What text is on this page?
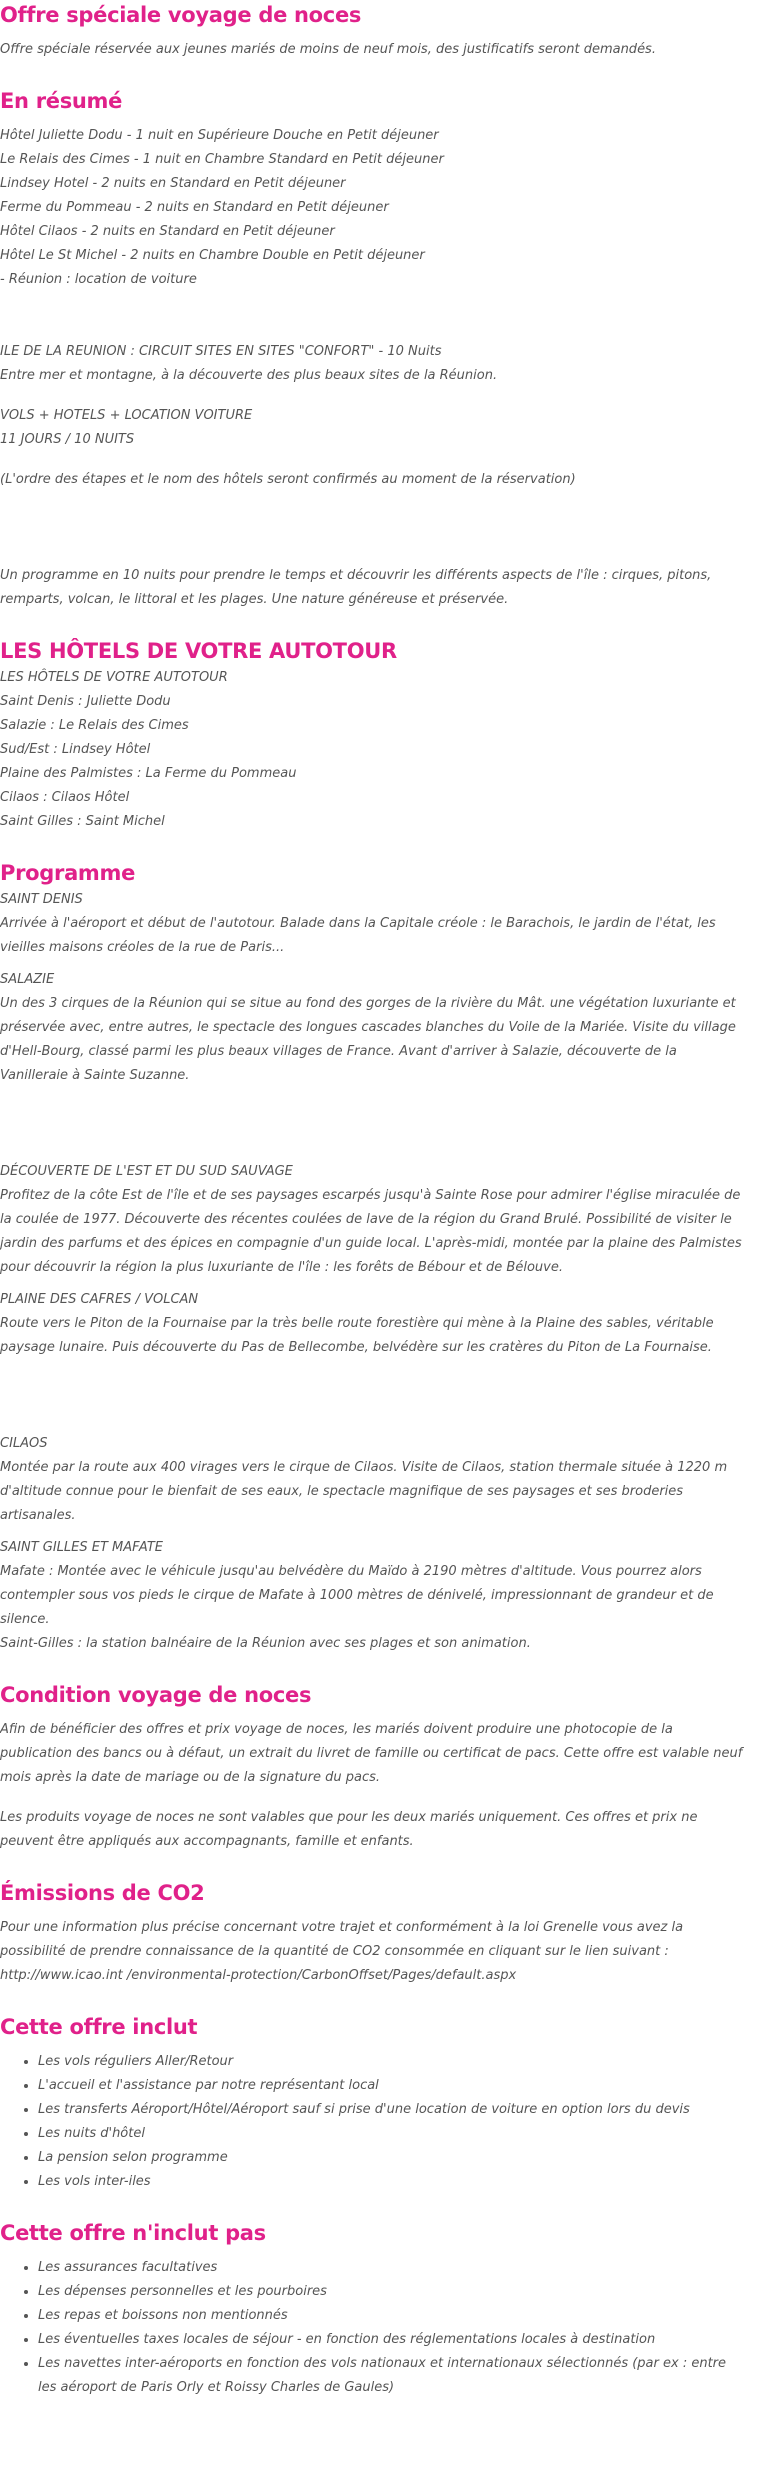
Offre spéciale voyage de noces

Offre spéciale réservée aux jeunes mariés de moins de neuf mois, des justificatifs seront demandés.

En résumé

Hôtel Juliette Dodu - 1 nuit en Supérieure Douche en Petit déjeuner
Le Relais des Cimes - 1 nuit en Chambre Standard en Petit déjeuner
Lindsey Hotel - 2 nuits en Standard en Petit déjeuner
Ferme du Pommeau - 2 nuits en Standard en Petit déjeuner
Hôtel Cilaos - 2 nuits en Standard en Petit déjeuner
Hôtel Le St Michel - 2 nuits en Chambre Double en Petit déjeuner
- Réunion : location de voiture

ILE DE LA REUNION : CIRCUIT SITES EN SITES "CONFORT" - 10 Nuits
Entre mer et montagne, à la découverte des plus beaux sites de la Réunion.

VOLS + HOTELS + LOCATION VOITURE
11 JOURS / 10 NUITS

(L'ordre des étapes et le nom des hôtels seront confirmés au moment de la réservation)

Un programme en 10 nuits pour prendre le temps et découvrir les différents aspects de l'île : cirques, pitons, remparts, volcan, le littoral et les plages. Une nature généreuse et préservée.

LES HÔTELS DE VOTRE AUTOTOUR

LES HÔTELS DE VOTRE AUTOTOUR
Saint Denis : Juliette Dodu
Salazie : Le Relais des Cimes
Sud/Est : Lindsey Hôtel
Plaine des Palmistes : La Ferme du Pommeau
Cilaos : Cilaos Hôtel
Saint Gilles : Saint Michel

Programme

SAINT DENIS
Arrivée à l'aéroport et début de l'autotour. Balade dans la Capitale créole : le Barachois, le jardin de l'état, les vieilles maisons créoles de la rue de Paris...

SALAZIE
Un des 3 cirques de la Réunion qui se situe au fond des gorges de la rivière du Mât. une végétation luxuriante et préservée avec, entre autres, le spectacle des longues cascades blanches du Voile de la Mariée. Visite du village d'Hell-Bourg, classé parmi les plus beaux villages de France. Avant d'arriver à Salazie, découverte de la Vanilleraie à Sainte Suzanne.

DÉCOUVERTE DE L'EST ET DU SUD SAUVAGE
Profitez de la côte Est de l'île et de ses paysages escarpés jusqu'à Sainte Rose pour admirer l'église miraculée de la coulée de 1977. Découverte des récentes coulées de lave de la région du Grand Brulé. Possibilité de visiter le jardin des parfums et des épices en compagnie d'un guide local. L'après-midi, montée par la plaine des Palmistes pour découvrir la région la plus luxuriante de l'île : les forêts de Bébour et de Bélouve.

PLAINE DES CAFRES / VOLCAN
Route vers le Piton de la Fournaise par la très belle route forestière qui mène à la Plaine des sables, véritable paysage lunaire. Puis découverte du Pas de Bellecombe, belvédère sur les cratères du Piton de La Fournaise.

CILAOS
Montée par la route aux 400 virages vers le cirque de Cilaos. Visite de Cilaos, station thermale située à 1220 m d'altitude connue pour le bienfait de ses eaux, le spectacle magnifique de ses paysages et ses broderies artisanales.

SAINT GILLES ET MAFATE
Mafate : Montée avec le véhicule jusqu'au belvédère du Maïdo à 2190 mètres d'altitude. Vous pourrez alors contempler sous vos pieds le cirque de Mafate à 1000 mètres de dénivelé, impressionnant de grandeur et de silence.
Saint-Gilles : la station balnéaire de la Réunion avec ses plages et son animation.

Condition voyage de noces

Afin de bénéficier des offres et prix voyage de noces, les mariés doivent produire une photocopie de la publication des bancs ou à défaut, un extrait du livret de famille ou certificat de pacs. Cette offre est valable neuf mois après la date de mariage ou de la signature du pacs.

Les produits voyage de noces ne sont valables que pour les deux mariés uniquement. Ces offres et prix ne peuvent être appliqués aux accompagnants, famille et enfants.

Émissions de CO2

Pour une information plus précise concernant votre trajet et conformément à la loi Grenelle vous avez la possibilité de prendre connaissance de la quantité de CO2 consommée en cliquant sur le lien suivant : http://www.icao.int /environmental-protection/CarbonOffset/Pages/default.aspx

Cette offre inclut
• Les vols réguliers Aller/Retour
• L'accueil et l'assistance par notre représentant local
• Les transferts Aéroport/Hôtel/Aéroport sauf si prise d'une location de voiture en option lors du devis
• Les nuits d'hôtel
• La pension selon programme
• Les vols inter-iles
Cette offre n'inclut pas
• Les assurances facultatives
• Les dépenses personnelles et les pourboires
• Les repas et boissons non mentionnés
• Les éventuelles taxes locales de séjour - en fonction des réglementations locales à destination
• Les navettes inter-aéroports en fonction des vols nationaux et internationaux sélectionnés (par ex : entre les aéroport de Paris Orly et Roissy Charles de Gaules)
